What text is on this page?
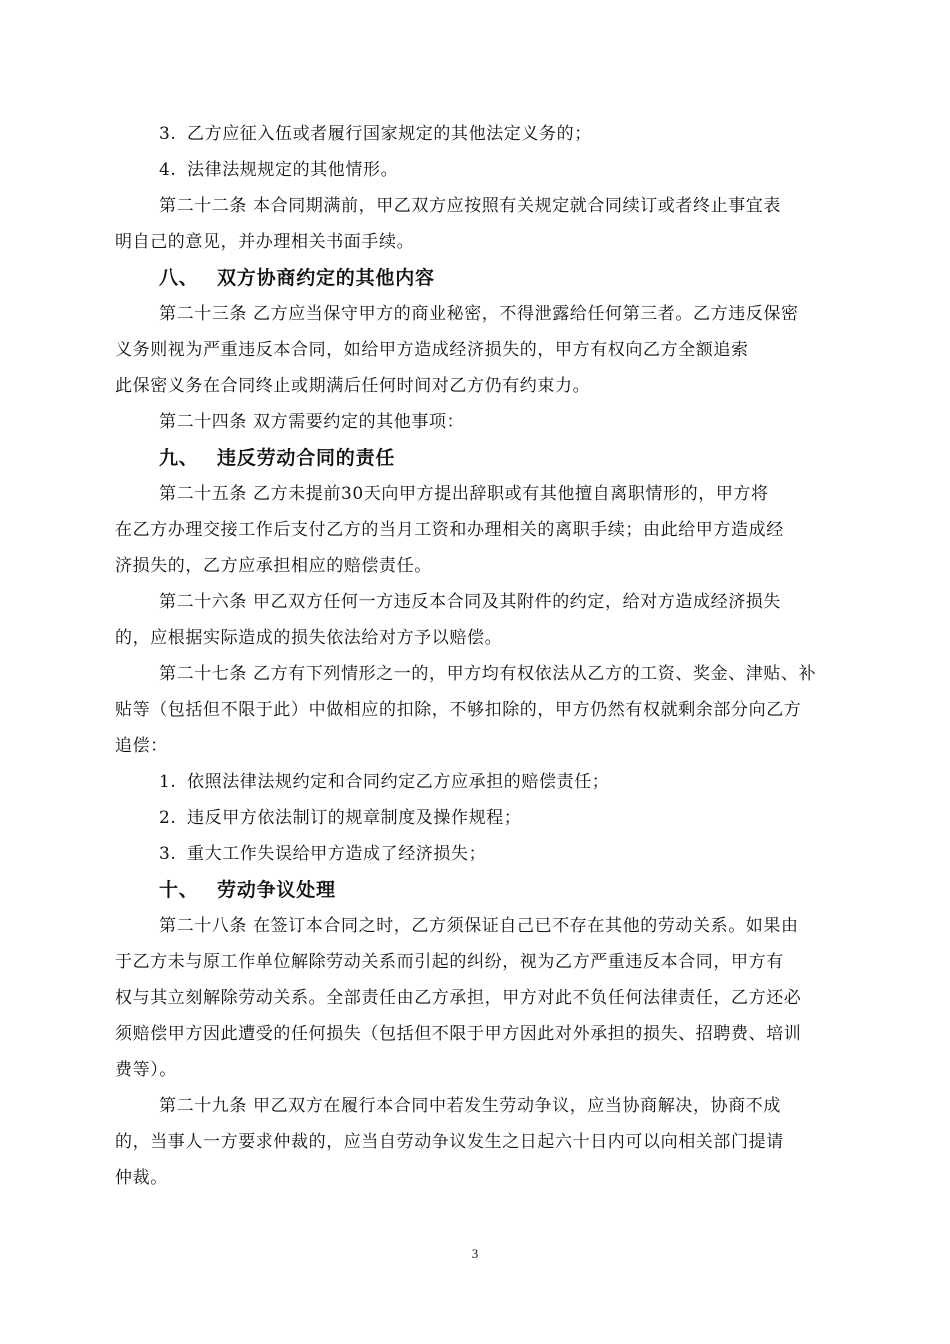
3. 乙方应征入伍或者履行国家规定的其他法定义务的；
4. 法律法规规定的其他情形。
第二十二条 本合同期满前，甲乙双方应按照有关规定就合同续订或者终止事宜表
明自己的意见，并办理相关书面手续。
八、 双方协商约定的其他内容
第二十三条 乙方应当保守甲方的商业秘密，不得泄露给任何第三者。乙方违反保密
义务则视为严重违反本合同，如给甲方造成经济损失的，甲方有权向乙方全额追索
此保密义务在合同终止或期满后任何时间对乙方仍有约束力。
第二十四条 双方需要约定的其他事项：
九、 违反劳动合同的责任
第二十五条 乙方未提前30天向甲方提出辞职或有其他擅自离职情形的，甲方将
在乙方办理交接工作后支付乙方的当月工资和办理相关的离职手续；由此给甲方造成经
济损失的，乙方应承担相应的赔偿责任。
第二十六条 甲乙双方任何一方违反本合同及其附件的约定，给对方造成经济损失
的，应根据实际造成的损失依法给对方予以赔偿。
第二十七条 乙方有下列情形之一的，甲方均有权依法从乙方的工资、奖金、津贴、补
贴等（包括但不限于此）中做相应的扣除，不够扣除的，甲方仍然有权就剩余部分向乙方
追偿：
1. 依照法律法规约定和合同约定乙方应承担的赔偿责任；
2. 违反甲方依法制订的规章制度及操作规程；
3. 重大工作失误给甲方造成了经济损失；
十、 劳动争议处理
第二十八条 在签订本合同之时，乙方须保证自己已不存在其他的劳动关系。如果由
于乙方未与原工作单位解除劳动关系而引起的纠纷，视为乙方严重违反本合同，甲方有
权与其立刻解除劳动关系。全部责任由乙方承担，甲方对此不负任何法律责任，乙方还必
须赔偿甲方因此遭受的任何损失（包括但不限于甲方因此对外承担的损失、招聘费、培训
费等）。
第二十九条 甲乙双方在履行本合同中若发生劳动争议，应当协商解决，协商不成
的，当事人一方要求仲裁的，应当自劳动争议发生之日起六十日内可以向相关部门提请
仲裁。
3
